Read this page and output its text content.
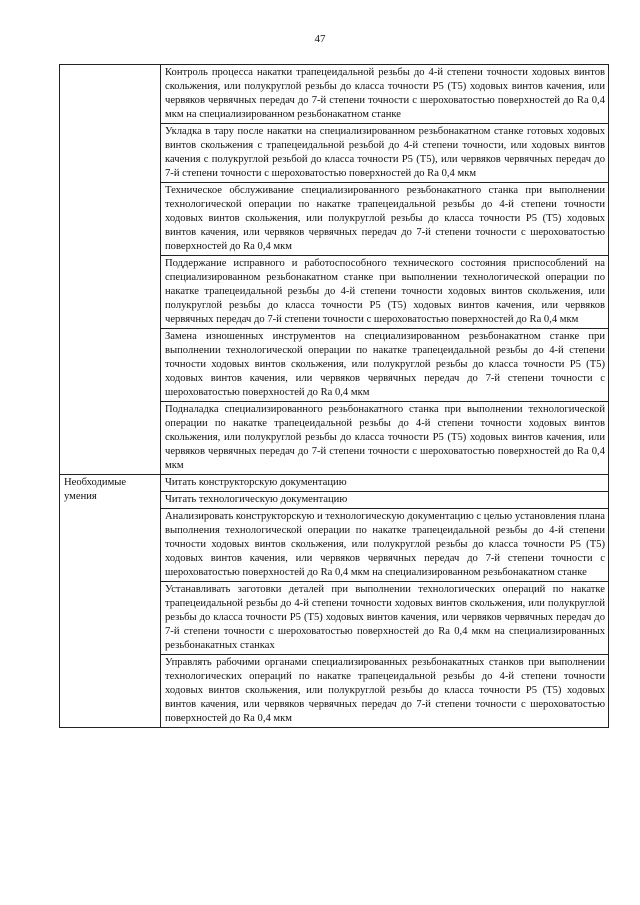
47
	Контроль процесса накатки трапецеидальной резьбы до 4-й степени точности ходовых винтов скольжения, или полукруглой резьбы до класса точности P5 (T5) ходовых винтов качения, или червяков червячных передач до 7-й степени точности с шероховатостью поверхностей до Ra 0,4 мкм на специализированном резьбонакатном станке
	Укладка в тару после накатки на специализированном резьбонакатном станке готовых ходовых винтов скольжения с трапецеидальной резьбой до 4-й степени точности, или ходовых винтов качения с полукруглой резьбой до класса точности P5 (T5), или червяков червячных передач до 7-й степени точности с шероховатостью поверхностей до Ra 0,4 мкм
	Техническое обслуживание специализированного резьбонакатного станка при выполнении технологической операции по накатке трапецеидальной резьбы до 4-й степени точности ходовых винтов скольжения, или полукруглой резьбы до класса точности P5 (T5) ходовых винтов качения, или червяков червячных передач до 7-й степени точности с шероховатостью поверхностей до Ra 0,4 мкм
	Поддержание исправного и работоспособного технического состояния приспособлений на специализированном резьбонакатном станке при выполнении технологической операции по накатке трапецеидальной резьбы до 4-й степени точности ходовых винтов скольжения, или полукруглой резьбы до класса точности P5 (T5) ходовых винтов качения, или червяков червячных передач до 7-й степени точности с шероховатостью поверхностей до Ra 0,4 мкм
	Замена изношенных инструментов на специализированном резьбонакатном станке при выполнении технологической операции по накатке трапецеидальной резьбы до 4-й степени точности ходовых винтов скольжения, или полукруглой резьбы до класса точности P5 (T5) ходовых винтов качения, или червяков червячных передач до 7-й степени точности с шероховатостью поверхностей до Ra 0,4 мкм
	Подналадка специализированного резьбонакатного станка при выполнении технологической операции по накатке трапецеидальной резьбы до 4-й степени точности ходовых винтов скольжения, или полукруглой резьбы до класса точности P5 (T5) ходовых винтов качения, или червяков червячных передач до 7-й степени точности с шероховатостью поверхностей до Ra 0,4 мкм
Необходимые умения	Читать конструкторскую документацию
	Читать технологическую документацию
	Анализировать конструкторскую и технологическую документацию с целью установления плана выполнения технологической операции по накатке трапецеидальной резьбы до 4-й степени точности ходовых винтов скольжения, или полукруглой резьбы до класса точности P5 (T5) ходовых винтов качения, или червяков червячных передач до 7-й степени точности с шероховатостью поверхностей до Ra 0,4 мкм на специализированном резьбонакатном станке
	Устанавливать заготовки деталей при выполнении технологических операций по накатке трапецеидальной резьбы до 4-й степени точности ходовых винтов скольжения, или полукруглой резьбы до класса точности P5 (T5) ходовых винтов качения, или червяков червячных передач до 7-й степени точности с шероховатостью поверхностей до Ra 0,4 мкм на специализированных резьбонакатных станках
	Управлять рабочими органами специализированных резьбонакатных станков при выполнении технологических операций по накатке трапецеидальной резьбы до 4-й степени точности ходовых винтов скольжения, или полукруглой резьбы до класса точности P5 (T5) ходовых винтов качения, или червяков червячных передач до 7-й степени точности с шероховатостью поверхностей до Ra 0,4 мкм
